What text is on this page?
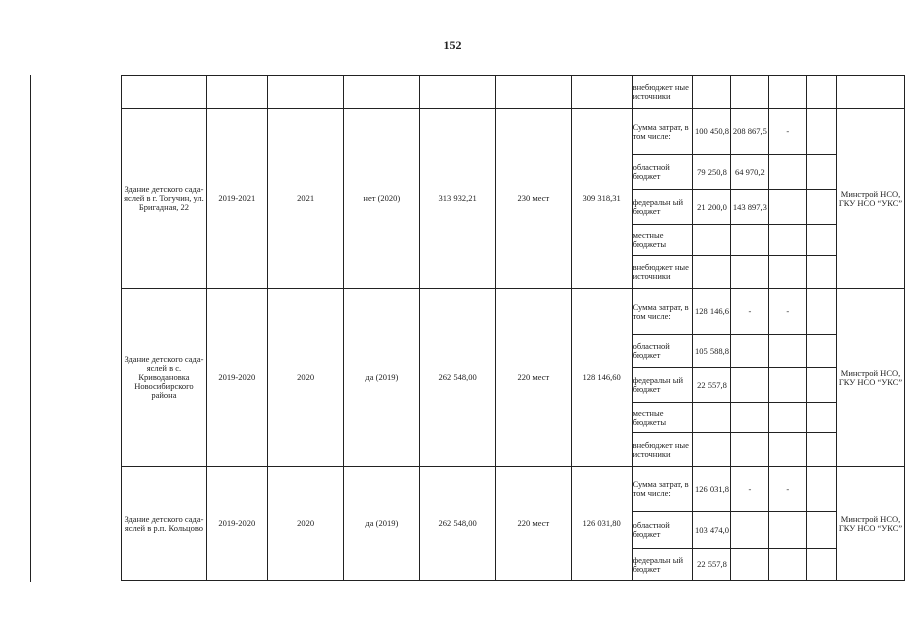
152
							внебюджет ные источники					
Здание детского сада-яслей в г. Тогучин, ул. Бригадная, 22	2019-2021	2021	нет (2020)	313 932,21	230 мест	309 318,31	Сумма затрат, в том числе:	100 450,8	208 867,5	-		Минстрой НСО, ГКУ НСО “УКС”
							областной бюджет	79 250,8	64 970,2			
							федеральн ый бюджет	21 200,0	143 897,3			
							местные бюджеты					
							внебюджет ные источники					
Здание детского сада-яслей в с. Криводановка Новосибирского района	2019-2020	2020	да (2019)	262 548,00	220 мест	128 146,60	Сумма затрат, в том числе:	128 146,6	-	-		Минстрой НСО, ГКУ НСО “УКС”
							областной бюджет	105 588,8				
							федеральн ый бюджет	22 557,8				
							местные бюджеты					
							внебюджет ные источники					
Здание детского сада-яслей в р.п. Кольцово	2019-2020	2020	да (2019)	262 548,00	220 мест	126 031,80	Сумма затрат, в том числе:	126 031,8	-	-		Минстрой НСО, ГКУ НСО “УКС”
							областной бюджет	103 474,0				
							федеральн ый бюджет	22 557,8				
